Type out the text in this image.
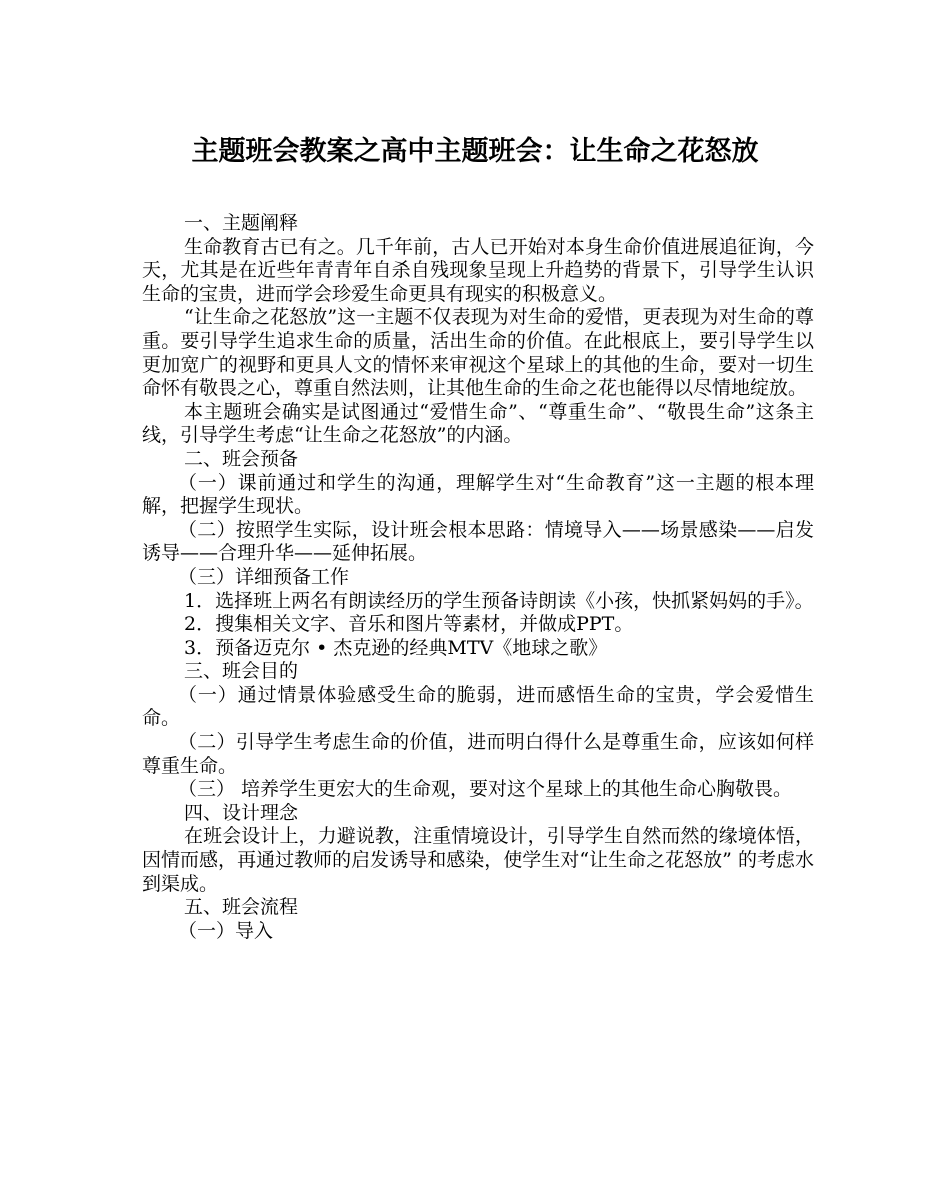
主题班会教案之高中主题班会：让生命之花怒放

一、主题阐释

生命教育古已有之。几千年前，古人已开始对本身生命价值进展追征询，今天，尤其是在近些年青青年自杀自残现象呈现上升趋势的背景下，引导学生认识生命的宝贵，进而学会珍爱生命更具有现实的积极意义。

“让生命之花怒放”这一主题不仅表现为对生命的爱惜，更表现为对生命的尊重。要引导学生追求生命的质量，活出生命的价值。在此根底上，要引导学生以更加宽广的视野和更具人文的情怀来审视这个星球上的其他的生命，要对一切生命怀有敬畏之心，尊重自然法则，让其他生命的生命之花也能得以尽情地绽放。

本主题班会确实是试图通过“爱惜生命”、“尊重生命”、“敬畏生命”这条主线，引导学生考虑“让生命之花怒放”的内涵。

二、班会预备

（一）课前通过和学生的沟通，理解学生对“生命教育”这一主题的根本理解，把握学生现状。

（二）按照学生实际，设计班会根本思路：情境导入——场景感染——启发诱导——合理升华——延伸拓展。

（三）详细预备工作

1．选择班上两名有朗读经历的学生预备诗朗读《小孩，快抓紧妈妈的手》。

2．搜集相关文字、音乐和图片等素材，并做成PPT。

3．预备迈克尔 • 杰克逊的经典MTV《地球之歌》

三、班会目的

（一）通过情景体验感受生命的脆弱，进而感悟生命的宝贵，学会爱惜生命。

（二）引导学生考虑生命的价值，进而明白得什么是尊重生命，应该如何样尊重生命。

（三） 培养学生更宏大的生命观，要对这个星球上的其他生命心胸敬畏。

四、设计理念

在班会设计上，力避说教，注重情境设计，引导学生自然而然的缘境体悟，因情而感，再通过教师的启发诱导和感染，使学生对“让生命之花怒放” 的考虑水到渠成。

五、班会流程

（一）导入
